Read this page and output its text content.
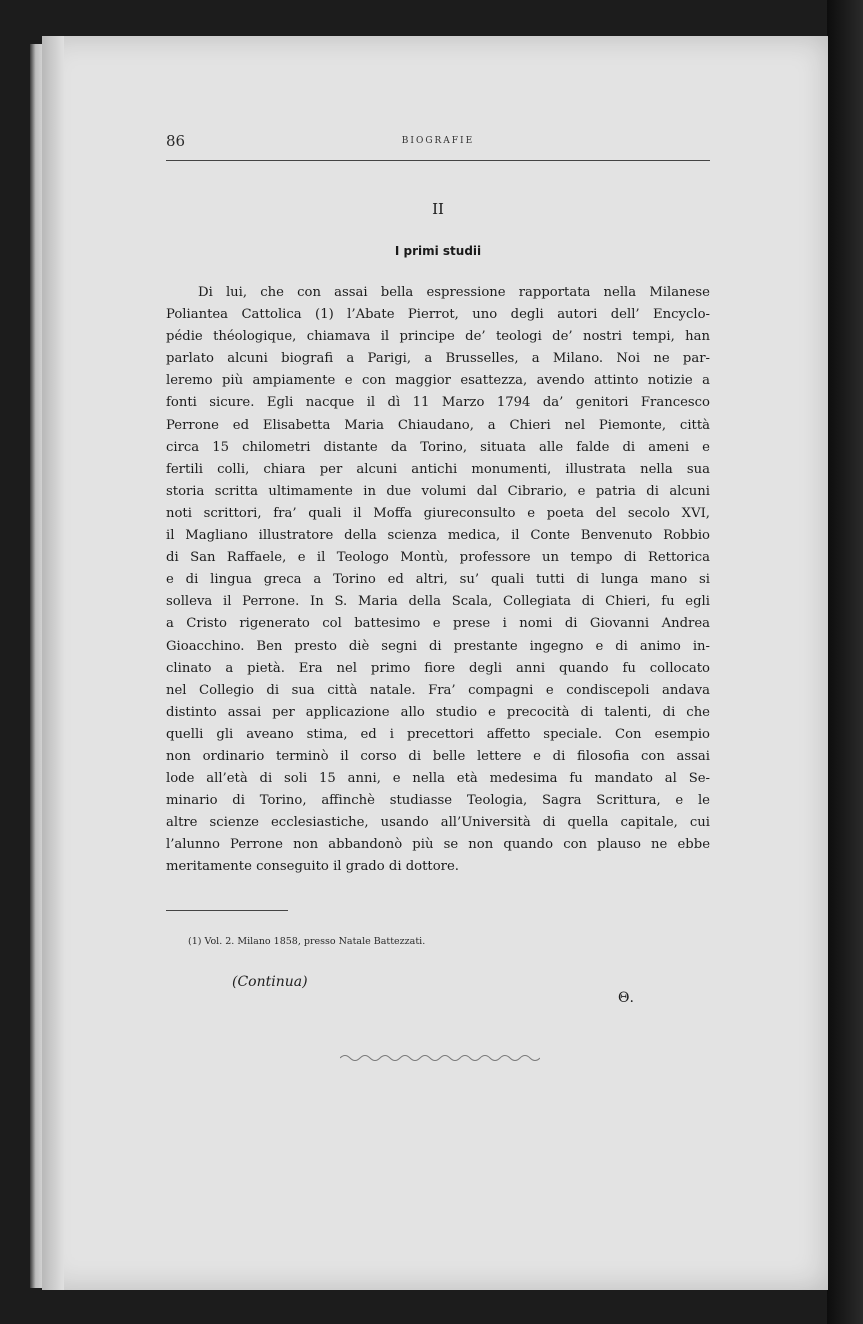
86	BIOGRAFIE
II
I primi studii
Di lui, che con assai bella espressione rapportata nella Milanese
Poliantea Cattolica (1) l’Abate Pierrot, uno degli autori dell’ Encyclo-
pédie théologique, chiamava il principe de’ teologi de’ nostri tempi, han
parlato alcuni biografi a Parigi, a Brusselles, a Milano. Noi ne par-
leremo più ampiamente e con maggior esattezza, avendo attinto notizie a
fonti sicure. Egli nacque il dì 11 Marzo 1794 da’ genitori Francesco
Perrone ed Elisabetta Maria Chiaudano, a Chieri nel Piemonte, città
circa 15 chilometri distante da Torino, situata alle falde di ameni e
fertili colli, chiara per alcuni antichi monumenti, illustrata nella sua
storia scritta ultimamente in due volumi dal Cibrario, e patria di alcuni
noti scrittori, fra’ quali il Moffa giureconsulto e poeta del secolo XVI,
il Magliano illustratore della scienza medica, il Conte Benvenuto Robbio
di San Raffaele, e il Teologo Montù, professore un tempo di Rettorica
e di lingua greca a Torino ed altri, su’ quali tutti di lunga mano si
solleva il Perrone. In S. Maria della Scala, Collegiata di Chieri, fu egli
a Cristo rigenerato col battesimo e prese i nomi di Giovanni Andrea
Gioacchino. Ben presto diè segni di prestante ingegno e di animo in-
clinato a pietà. Era nel primo fiore degli anni quando fu collocato
nel Collegio di sua città natale. Fra’ compagni e condiscepoli andava
distinto assai per applicazione allo studio e precocità di talenti, di che
quelli gli aveano stima, ed i precettori affetto speciale. Con esempio
non ordinario terminò il corso di belle lettere e di filosofia con assai
lode all’età di soli 15 anni, e nella età medesima fu mandato al Se-
minario di Torino, affinchè studiasse Teologia, Sagra Scrittura, e le
altre scienze ecclesiastiche, usando all’Università di quella capitale, cui
l’alunno Perrone non abbandonò più se non quando con plauso ne ebbe
meritamente conseguito il grado di dottore.
(1) Vol. 2. Milano 1858, presso Natale Battezzati.
(Continua)
Θ.
